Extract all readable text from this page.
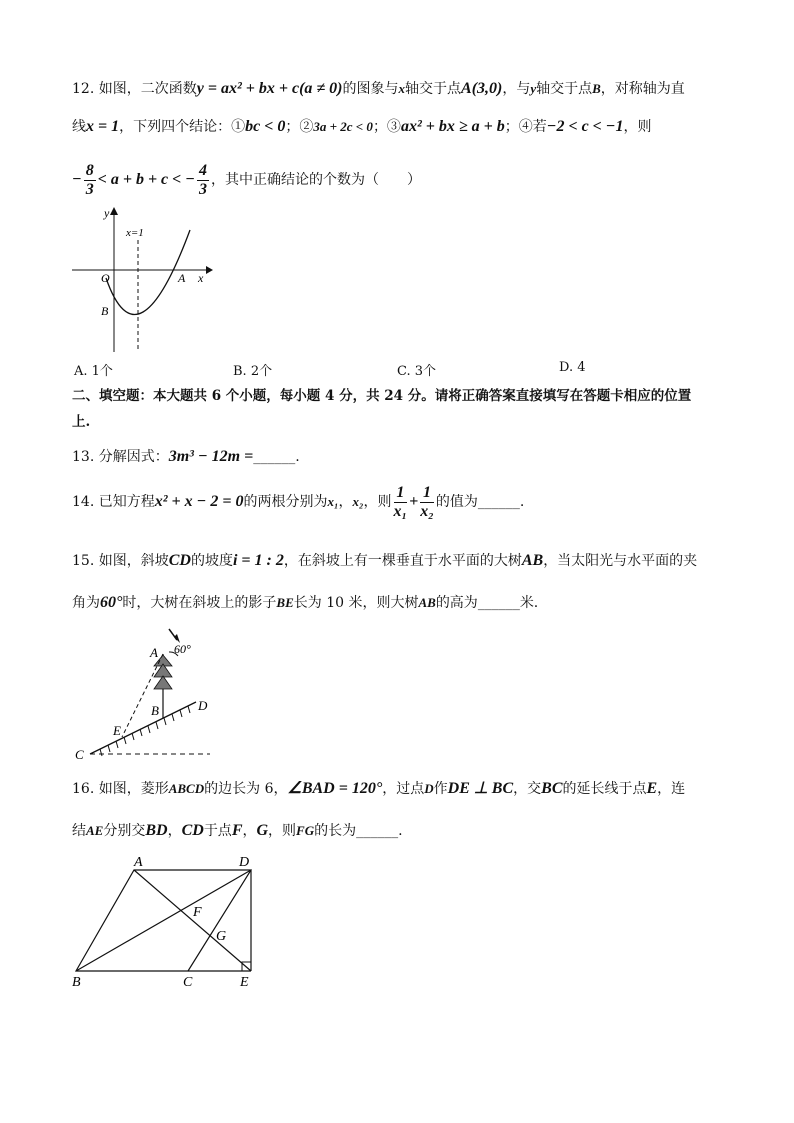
12. 如图，二次函数y = ax² + bx + c(a ≠ 0)的图象与x轴交于点A(3,0)，与y轴交于点B，对称轴为直
线x = 1，下列四个结论：①bc < 0；②3a + 2c < 0；③ax² + bx ≥ a + b；④若−2 < c < −1，则
− $\frac{8}{3} < a + b + c$ < − $\frac{4}{3}$ ，其中正确结论的个数为（　　）
y
x
O	A
B
x=1
A. 1个	B. 2个	C. 3个	D. 4
二、填空题：本大题共 6 个小题，每小题 4 分，共 24 分。请将正确答案直接填写在答题卡相应的位置
上.
13. 分解因式：3m³ − 12m =______.
14. 已知方程x² + x − 2 = 0的两根分别为x₁，x₂，则 $\frac{1}{\text{x₁}} + \frac{1}{\text{x₂}}$ 的值为______.
15. 如图，斜坡CD的坡度i = 1 : 2，在斜坡上有一棵垂直于水平面的大树AB，当太阳光与水平面的夹
角为60°时，大树在斜坡上的影子BE长为 10 米，则大树AB的高为______米.
A 60°
B	D
E
C
16. 如图，菱形ABCD的边长为 6，∠BAD = 120°，过点D作DE ⊥ BC，交BC的延长线于点E，连
结AE分别交BD，CD于点F，G，则FG的长为______.
A	D
F
G
B	C	E
